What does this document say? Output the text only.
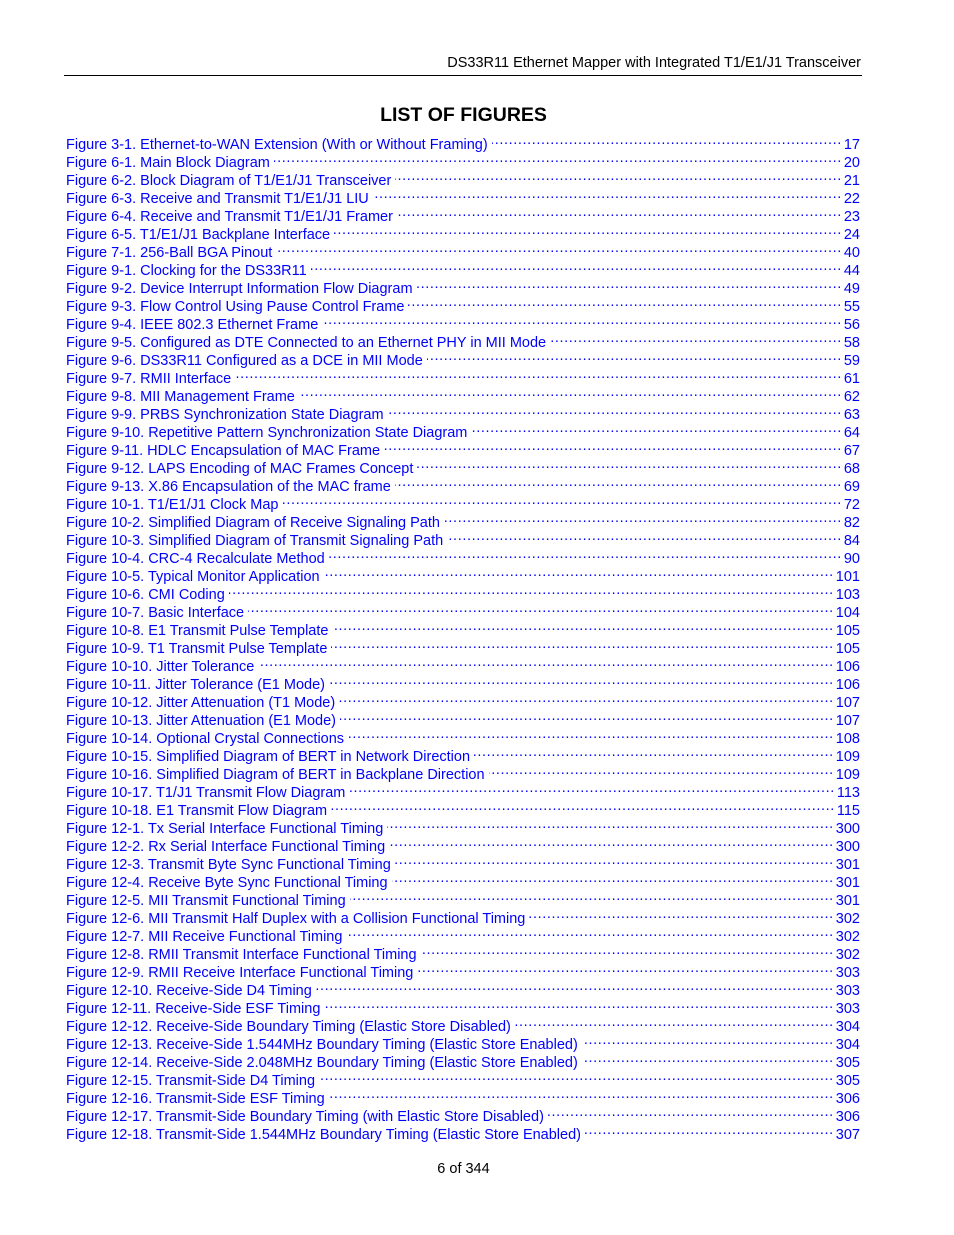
DS33R11 Ethernet Mapper with Integrated T1/E1/J1 Transceiver
LIST OF FIGURES
Figure 3-1. Ethernet-to-WAN Extension (With or Without Framing) .....	17
Figure 6-1. Main Block Diagram .....	20
Figure 6-2. Block Diagram of T1/E1/J1 Transceiver .....	21
Figure 6-3. Receive and Transmit T1/E1/J1 LIU .....	22
Figure 6-4. Receive and Transmit T1/E1/J1 Framer .....	23
Figure 6-5. T1/E1/J1 Backplane Interface .....	24
Figure 7-1. 256-Ball BGA Pinout .....	40
Figure 9-1. Clocking for the DS33R11 .....	44
Figure 9-2. Device Interrupt Information Flow Diagram .....	49
Figure 9-3. Flow Control Using Pause Control Frame .....	55
Figure 9-4. IEEE 802.3 Ethernet Frame .....	56
Figure 9-5. Configured as DTE Connected to an Ethernet PHY in MII Mode .....	58
Figure 9-6. DS33R11 Configured as a DCE in MII Mode .....	59
Figure 9-7. RMII Interface .....	61
Figure 9-8. MII Management Frame .....	62
Figure 9-9. PRBS Synchronization State Diagram .....	63
Figure 9-10. Repetitive Pattern Synchronization State Diagram .....	64
Figure 9-11. HDLC Encapsulation of MAC Frame .....	67
Figure 9-12. LAPS Encoding of MAC Frames Concept .....	68
Figure 9-13. X.86 Encapsulation of the MAC frame .....	69
Figure 10-1. T1/E1/J1 Clock Map .....	72
Figure 10-2. Simplified Diagram of Receive Signaling Path .....	82
Figure 10-3. Simplified Diagram of Transmit Signaling Path .....	84
Figure 10-4. CRC-4 Recalculate Method .....	90
Figure 10-5. Typical Monitor Application .....	101
Figure 10-6. CMI Coding .....	103
Figure 10-7. Basic Interface .....	104
Figure 10-8. E1 Transmit Pulse Template .....	105
Figure 10-9. T1 Transmit Pulse Template .....	105
Figure 10-10. Jitter Tolerance .....	106
Figure 10-11. Jitter Tolerance (E1 Mode) .....	106
Figure 10-12. Jitter Attenuation (T1 Mode) .....	107
Figure 10-13. Jitter Attenuation (E1 Mode) .....	107
Figure 10-14. Optional Crystal Connections .....	108
Figure 10-15. Simplified Diagram of BERT in Network Direction .....	109
Figure 10-16. Simplified Diagram of BERT in Backplane Direction .....	109
Figure 10-17. T1/J1 Transmit Flow Diagram .....	113
Figure 10-18. E1 Transmit Flow Diagram .....	115
Figure 12-1. Tx Serial Interface Functional Timing .....	300
Figure 12-2. Rx Serial Interface Functional Timing .....	300
Figure 12-3. Transmit Byte Sync Functional Timing .....	301
Figure 12-4. Receive Byte Sync Functional Timing .....	301
Figure 12-5. MII Transmit Functional Timing .....	301
Figure 12-6. MII Transmit Half Duplex with a Collision Functional Timing .....	302
Figure 12-7. MII Receive Functional Timing .....	302
Figure 12-8. RMII Transmit Interface Functional Timing .....	302
Figure 12-9. RMII Receive Interface Functional Timing .....	303
Figure 12-10. Receive-Side D4 Timing .....	303
Figure 12-11. Receive-Side ESF Timing .....	303
Figure 12-12. Receive-Side Boundary Timing (Elastic Store Disabled) .....	304
Figure 12-13. Receive-Side 1.544MHz Boundary Timing (Elastic Store Enabled) .....	304
Figure 12-14. Receive-Side 2.048MHz Boundary Timing (Elastic Store Enabled) .....	305
Figure 12-15. Transmit-Side D4 Timing .....	305
Figure 12-16. Transmit-Side ESF Timing .....	306
Figure 12-17. Transmit-Side Boundary Timing (with Elastic Store Disabled) .....	306
Figure 12-18. Transmit-Side 1.544MHz Boundary Timing (Elastic Store Enabled) .....	307
6 of 344
